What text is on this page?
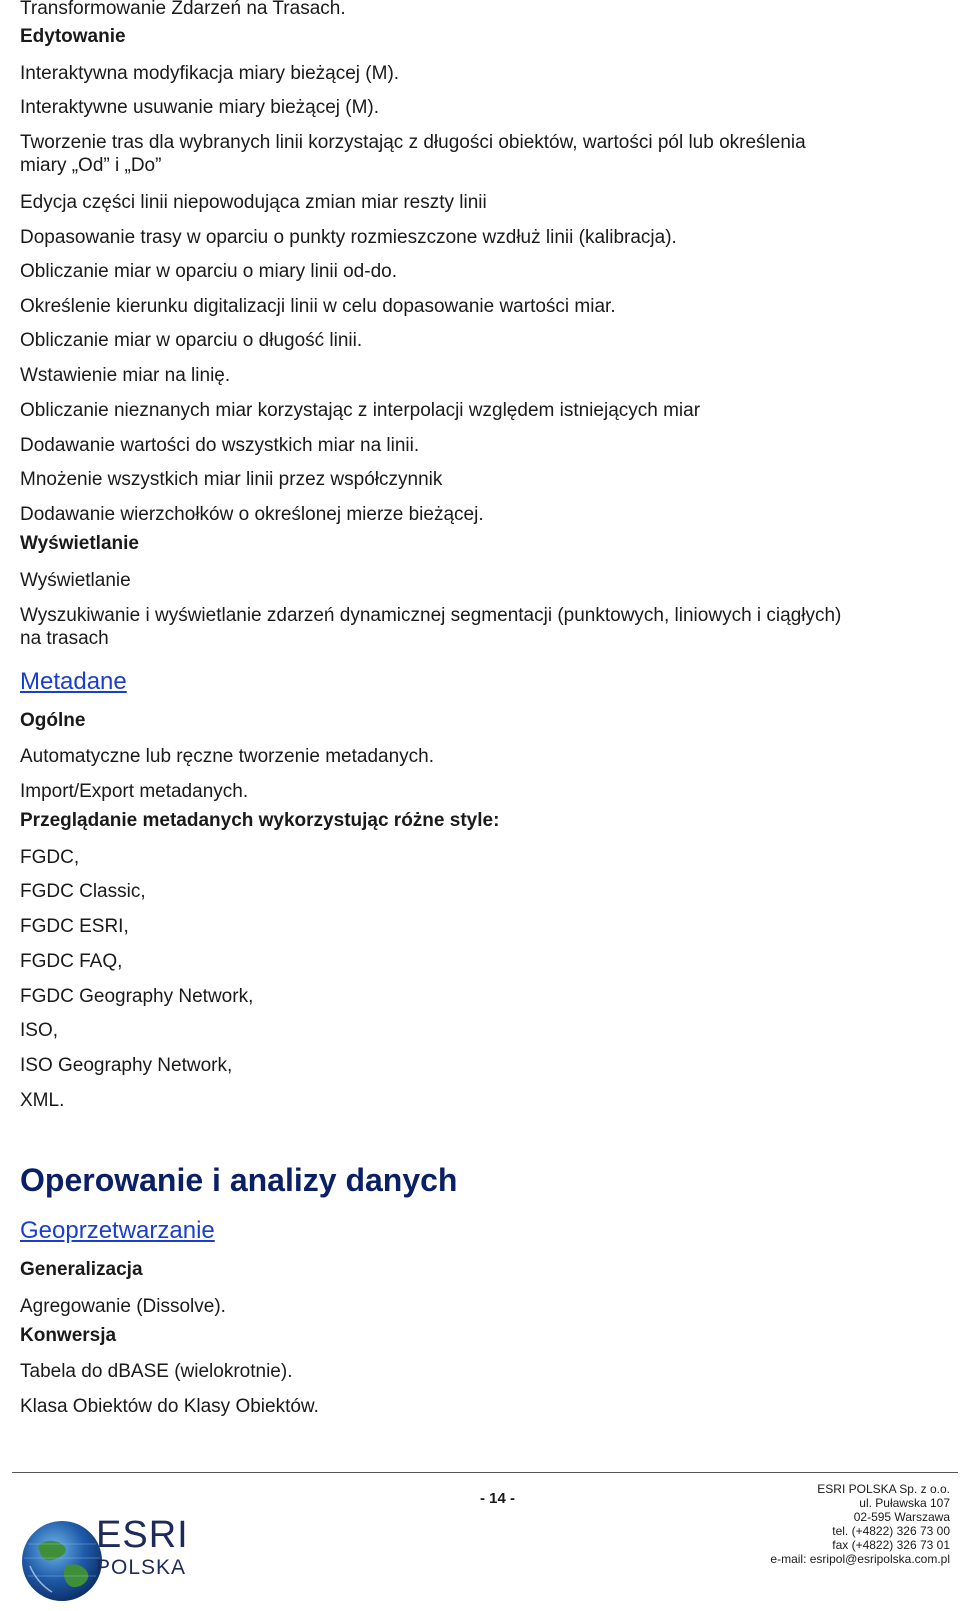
Transformowanie Zdarzeń na Trasach.
Edytowanie
Interaktywna modyfikacja miary bieżącej (M).
Interaktywne usuwanie miary bieżącej (M).
Tworzenie tras dla wybranych linii korzystając z długości obiektów, wartości pól lub określenia
miary „Od” i „Do”
Edycja części linii niepowodująca zmian miar reszty linii
Dopasowanie trasy w oparciu o punkty rozmieszczone wzdłuż linii (kalibracja).
Obliczanie miar w oparciu o miary linii od-do.
Określenie kierunku digitalizacji linii w celu dopasowanie wartości miar.
Obliczanie miar w oparciu o długość linii.
Wstawienie miar na linię.
Obliczanie nieznanych miar korzystając z interpolacji względem istniejących miar
Dodawanie wartości do wszystkich miar na linii.
Mnożenie wszystkich miar linii przez współczynnik
Dodawanie wierzchołków o określonej mierze bieżącej.
Wyświetlanie
Wyświetlanie
Wyszukiwanie i wyświetlanie zdarzeń dynamicznej segmentacji (punktowych, liniowych i ciągłych)
na trasach
Metadane
Ogólne
Automatyczne lub ręczne tworzenie metadanych.
Import/Export metadanych.
Przeglądanie metadanych wykorzystując różne style:
FGDC,
FGDC Classic,
FGDC ESRI,
FGDC FAQ,
FGDC Geography Network,
ISO,
ISO Geography Network,
XML.
Operowanie i analizy danych
Geoprzetwarzanie
Generalizacja
Agregowanie (Dissolve).
Konwersja
Tabela do dBASE (wielokrotnie).
Klasa Obiektów do Klasy Obiektów.
ESRI
POLSKA
- 14 -
ESRI POLSKA Sp. z o.o.
ul. Puławska 107
02-595 Warszawa
tel. (+4822) 326 73 00
fax (+4822) 326 73 01
e-mail: esripol@esripolska.com.pl
